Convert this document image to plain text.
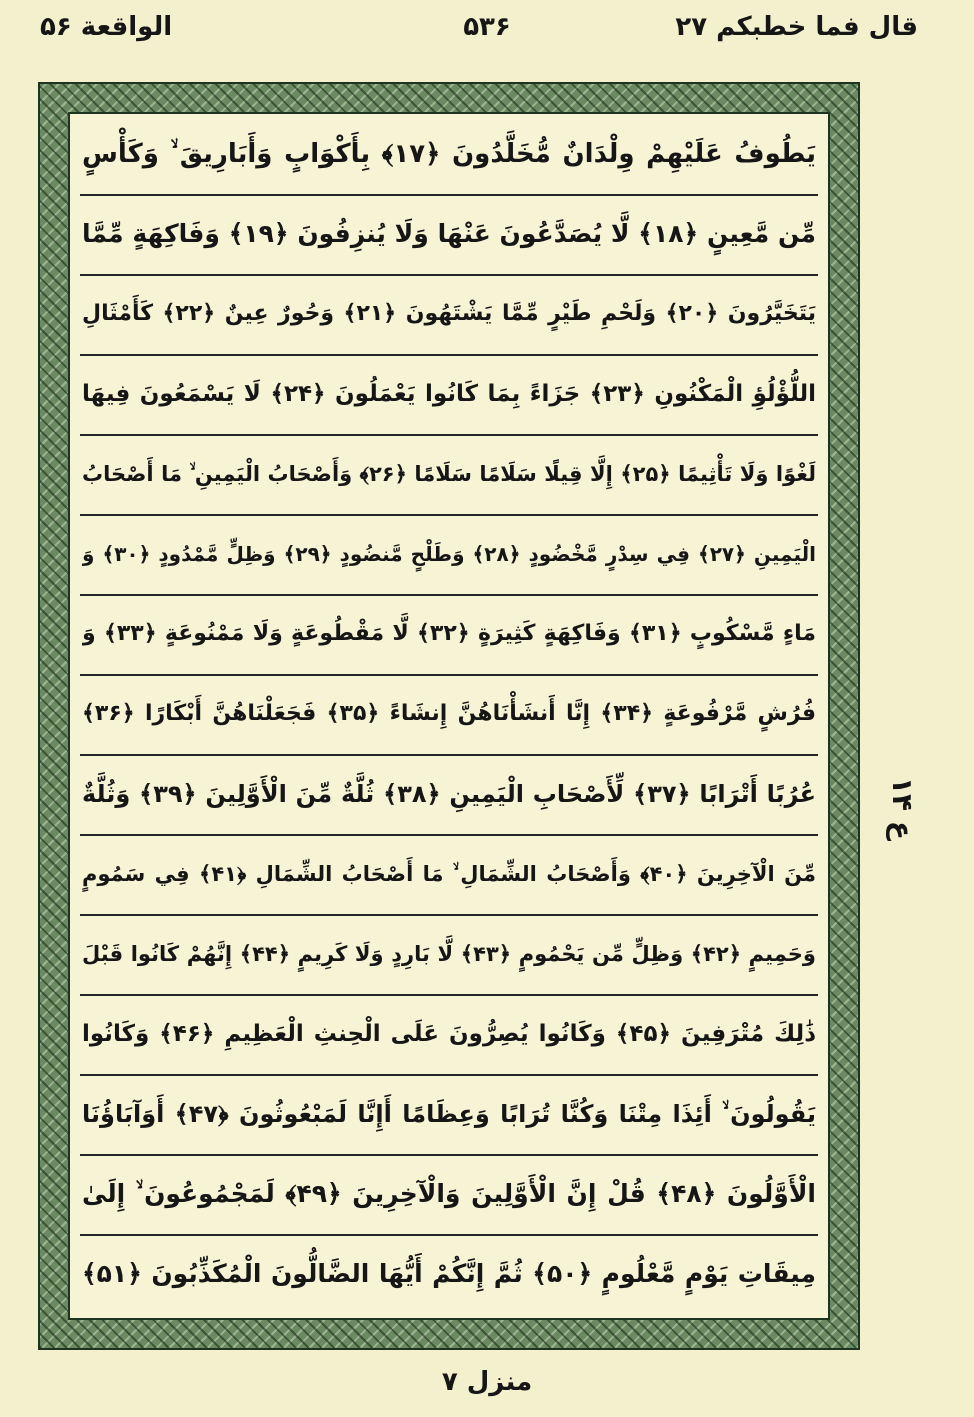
قال فما خطبکم ۲۷
۵۳۶
الواقعة ۵۶
يَطُوفُ عَلَيْهِمْ وِلْدَانٌ مُّخَلَّدُونَ ﴿۱۷﴾ بِأَكْوَابٍ وَأَبَارِيقَ ۙ وَكَأْسٍ
مِّن مَّعِينٍ ﴿۱۸﴾ لَّا يُصَدَّعُونَ عَنْهَا وَلَا يُنزِفُونَ ﴿۱۹﴾ وَفَاكِهَةٍ مِّمَّا
يَتَخَيَّرُونَ ﴿۲۰﴾ وَلَحْمِ طَيْرٍ مِّمَّا يَشْتَهُونَ ﴿۲۱﴾ وَحُورٌ عِينٌ ﴿۲۲﴾ كَأَمْثَالِ
اللُّؤْلُؤِ الْمَكْنُونِ ﴿۲۳﴾ جَزَاءً بِمَا كَانُوا يَعْمَلُونَ ﴿۲۴﴾ لَا يَسْمَعُونَ فِيهَا
لَغْوًا وَلَا تَأْثِيمًا ﴿۲۵﴾ إِلَّا قِيلًا سَلَامًا سَلَامًا ﴿۲۶﴾ وَأَصْحَابُ الْيَمِينِ ۙ مَا أَصْحَابُ
الْيَمِينِ ﴿۲۷﴾ فِي سِدْرٍ مَّخْضُودٍ ﴿۲۸﴾ وَطَلْحٍ مَّنضُودٍ ﴿۲۹﴾ وَظِلٍّ مَّمْدُودٍ ﴿۳۰﴾ وَ
مَاءٍ مَّسْكُوبٍ ﴿۳۱﴾ وَفَاكِهَةٍ كَثِيرَةٍ ﴿۳۲﴾ لَّا مَقْطُوعَةٍ وَلَا مَمْنُوعَةٍ ﴿۳۳﴾ وَ
فُرُشٍ مَّرْفُوعَةٍ ﴿۳۴﴾ إِنَّا أَنشَأْنَاهُنَّ إِنشَاءً ﴿۳۵﴾ فَجَعَلْنَاهُنَّ أَبْكَارًا ﴿۳۶﴾
عُرُبًا أَتْرَابًا ﴿۳۷﴾ لِّأَصْحَابِ الْيَمِينِ ﴿۳۸﴾ ثُلَّةٌ مِّنَ الْأَوَّلِينَ ﴿۳۹﴾ وَثُلَّةٌ
مِّنَ الْآخِرِينَ ﴿۴۰﴾ وَأَصْحَابُ الشِّمَالِ ۙ مَا أَصْحَابُ الشِّمَالِ ﴿۴۱﴾ فِي سَمُومٍ
وَحَمِيمٍ ﴿۴۲﴾ وَظِلٍّ مِّن يَحْمُومٍ ﴿۴۳﴾ لَّا بَارِدٍ وَلَا كَرِيمٍ ﴿۴۴﴾ إِنَّهُمْ كَانُوا قَبْلَ
ذَٰلِكَ مُتْرَفِينَ ﴿۴۵﴾ وَكَانُوا يُصِرُّونَ عَلَى الْحِنثِ الْعَظِيمِ ﴿۴۶﴾ وَكَانُوا
يَقُولُونَ ۙ أَئِذَا مِتْنَا وَكُنَّا تُرَابًا وَعِظَامًا أَإِنَّا لَمَبْعُوثُونَ ﴿۴۷﴾ أَوَآبَاؤُنَا
الْأَوَّلُونَ ﴿۴۸﴾ قُلْ إِنَّ الْأَوَّلِينَ وَالْآخِرِينَ ﴿۴۹﴾ لَمَجْمُوعُونَ ۙ إِلَىٰ
مِيقَاتِ يَوْمٍ مَّعْلُومٍ ﴿۵۰﴾ ثُمَّ إِنَّكُمْ أَيُّهَا الضَّالُّونَ الْمُكَذِّبُونَ ﴿۵۱﴾
ع ۱۴
منزل ۷
